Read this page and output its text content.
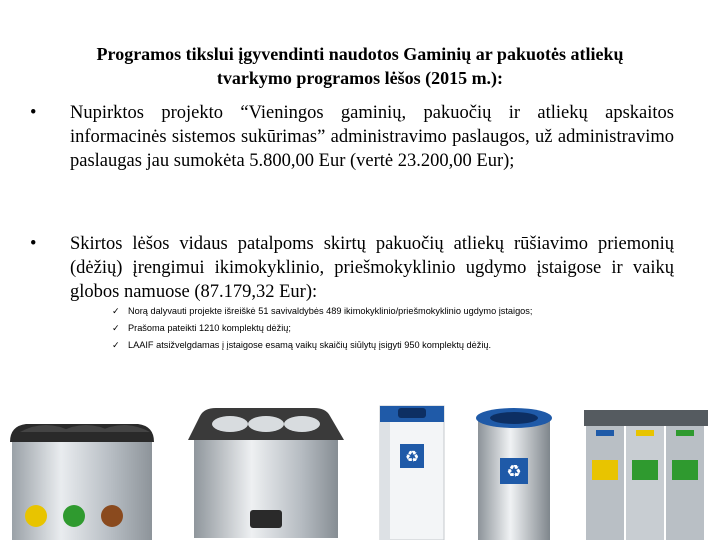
Programos tikslui įgyvendinti naudotos Gaminių ar pakuotės atliekų
tvarkymo programos lėšos (2015 m.):
•	Nupirktos projekto “Vieningos gaminių, pakuočių ir atliekų apskaitos informacinės sistemos sukūrimas” administravimo paslaugos, už administravimo paslaugas jau sumokėta 5.800,00 Eur (vertė 23.200,00 Eur);
•	Skirtos lėšos vidaus patalpoms skirtų pakuočių atliekų rūšiavimo priemonių (dėžių) įrengimui ikimokyklinio, priešmokyklinio ugdymo įstaigose ir vaikų globos namuose (87.179,32 Eur):
✓ Norą dalyvauti projekte išreiškė 51 savivaldybės 489 ikimokyklinio/priešmokyklinio ugdymo įstaigos;
✓ Prašoma pateikti 1210 komplektų dėžių;
✓ LAAIF atsižvelgdamas į įstaigose esamą vaikų skaičių siūlytų įsigyti 950 komplektų dėžių.
♻
♻
